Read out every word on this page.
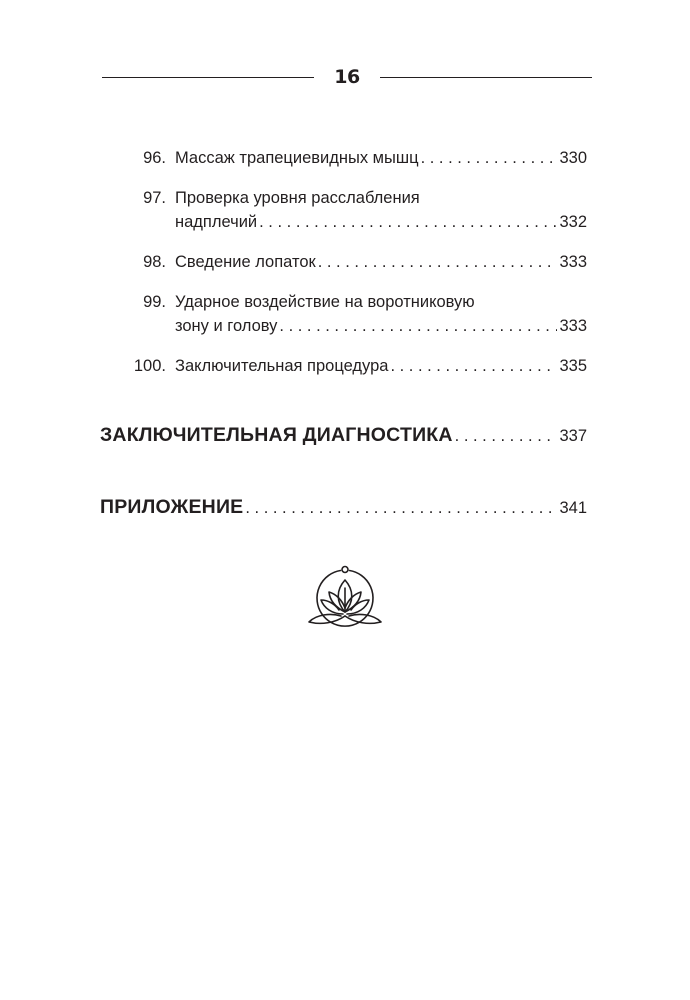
16
96. Массаж трапециевидных мышц . . .	330
97. Проверка уровня расслабления
надплечий . . .	332
98. Сведение лопаток . . .	333
99. Ударное воздействие на воротниковую
зону и голову . . .	333
100. Заключительная процедура . . .	335
ЗАКЛЮЧИТЕЛЬНАЯ ДИАГНОСТИКА . . .	337
ПРИЛОЖЕНИЕ . . .	341
